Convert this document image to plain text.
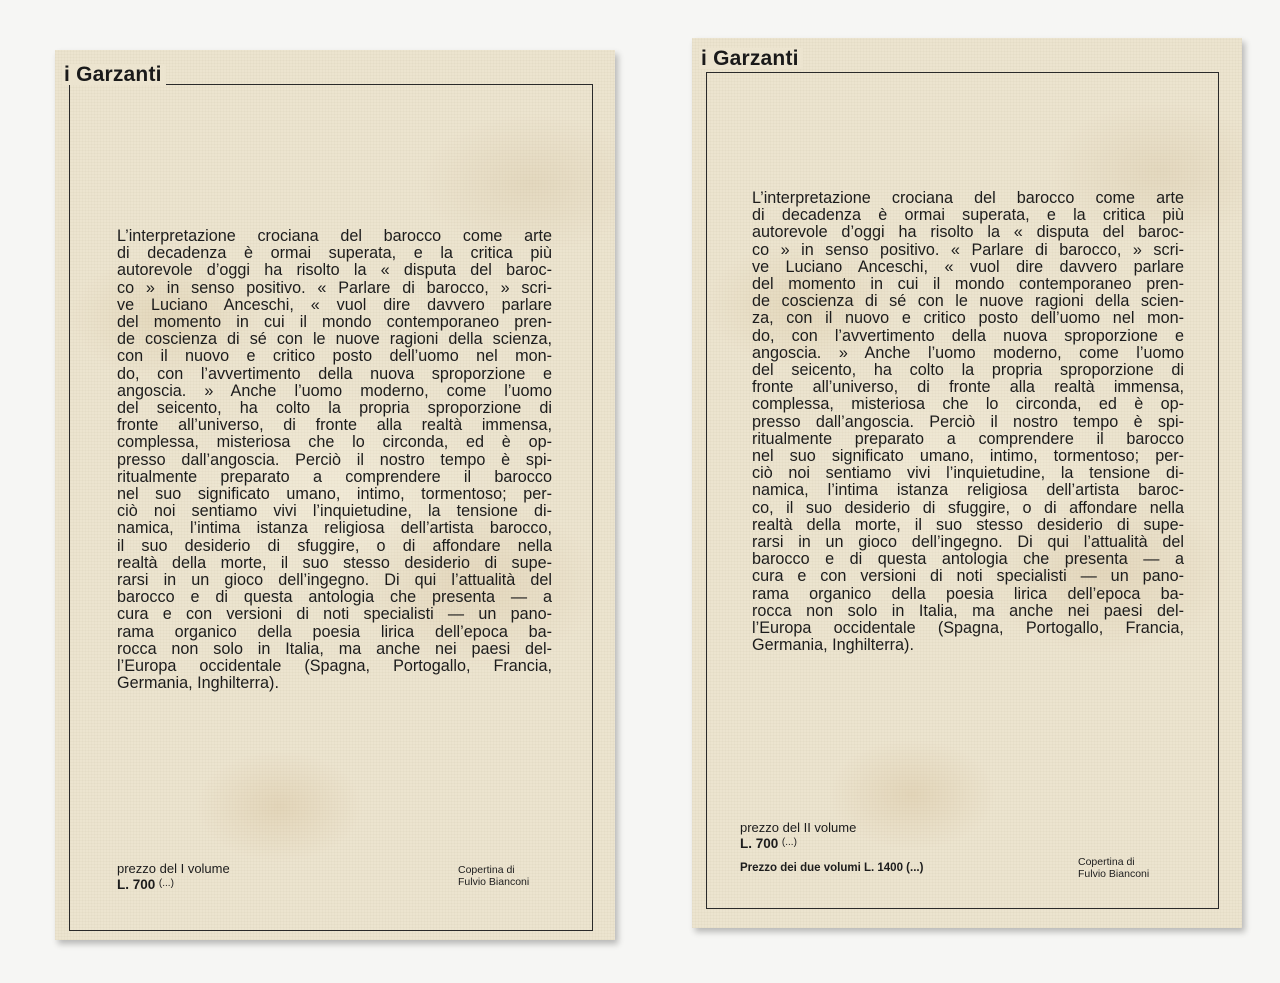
i Garzanti
L’interpretazione crociana del barocco come arte
di decadenza è ormai superata, e la critica più
autorevole d’oggi ha risolto la « disputa del baroc-
co » in senso positivo. « Parlare di barocco, » scri-
ve Luciano Anceschi, « vuol dire davvero parlare
del momento in cui il mondo contemporaneo pren-
de coscienza di sé con le nuove ragioni della scienza,
con il nuovo e critico posto dell’uomo nel mon-
do, con l’avvertimento della nuova sproporzione e
angoscia. » Anche l’uomo moderno, come l’uomo
del seicento, ha colto la propria sproporzione di
fronte all’universo, di fronte alla realtà immensa,
complessa, misteriosa che lo circonda, ed è op-
presso dall’angoscia. Perciò il nostro tempo è spi-
ritualmente preparato a comprendere il barocco
nel suo significato umano, intimo, tormentoso; per-
ciò noi sentiamo vivi l’inquietudine, la tensione di-
namica, l’intima istanza religiosa dell’artista barocco,
il suo desiderio di sfuggire, o di affondare nella
realtà della morte, il suo stesso desiderio di supe-
rarsi in un gioco dell’ingegno. Di qui l’attualità del
barocco e di questa antologia che presenta — a
cura e con versioni di noti specialisti — un pano-
rama organico della poesia lirica dell’epoca ba-
rocca non solo in Italia, ma anche nei paesi del-
l’Europa occidentale (Spagna, Portogallo, Francia,
Germania, Inghilterra).
prezzo del I volume
L. 700 (...)
Copertina di
Fulvio Bianconi
i Garzanti
L’interpretazione crociana del barocco come arte
di decadenza è ormai superata, e la critica più
autorevole d’oggi ha risolto la « disputa del baroc-
co » in senso positivo. « Parlare di barocco, » scri-
ve Luciano Anceschi, « vuol dire davvero parlare
del momento in cui il mondo contemporaneo pren-
de coscienza di sé con le nuove ragioni della scien-
za, con il nuovo e critico posto dell’uomo nel mon-
do, con l’avvertimento della nuova sproporzione e
angoscia. » Anche l’uomo moderno, come l’uomo
del seicento, ha colto la propria sproporzione di
fronte all’universo, di fronte alla realtà immensa,
complessa, misteriosa che lo circonda, ed è op-
presso dall’angoscia. Perciò il nostro tempo è spi-
ritualmente preparato a comprendere il barocco
nel suo significato umano, intimo, tormentoso; per-
ciò noi sentiamo vivi l’inquietudine, la tensione di-
namica, l’intima istanza religiosa dell’artista baroc-
co, il suo desiderio di sfuggire, o di affondare nella
realtà della morte, il suo stesso desiderio di supe-
rarsi in un gioco dell’ingegno. Di qui l’attualità del
barocco e di questa antologia che presenta — a
cura e con versioni di noti specialisti — un pano-
rama organico della poesia lirica dell’epoca ba-
rocca non solo in Italia, ma anche nei paesi del-
l’Europa occidentale (Spagna, Portogallo, Francia,
Germania, Inghilterra).
prezzo del II volume
L. 700 (...)
Prezzo dei due volumi L. 1400 (...)	Copertina di
Fulvio Bianconi
